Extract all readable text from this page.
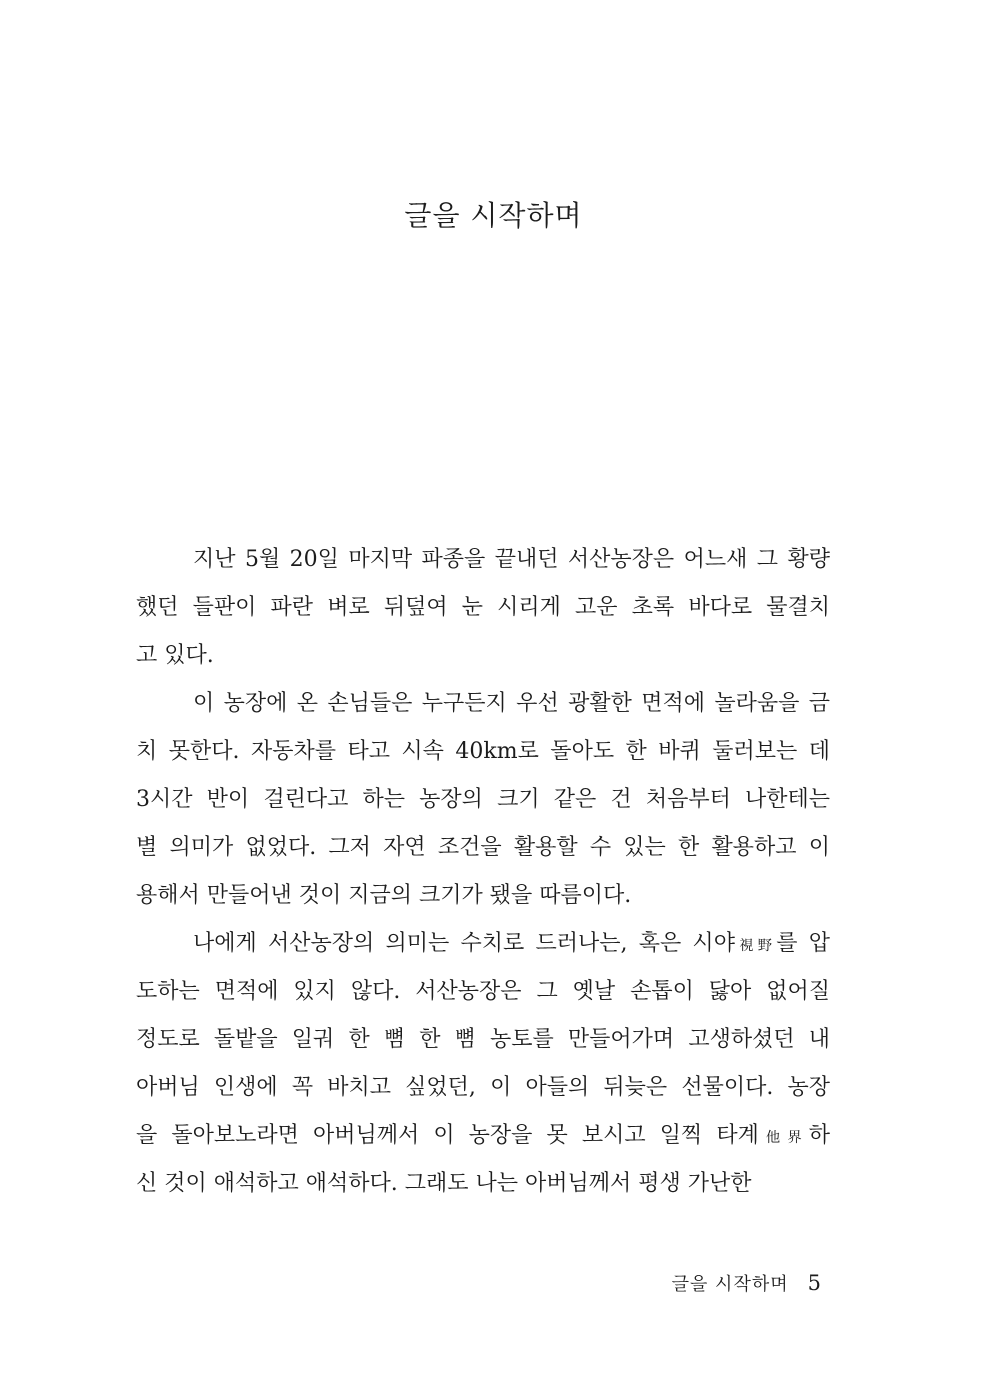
글을 시작하며
지난 5월 20일 마지막 파종을 끝내던 서산농장은 어느새 그 황량
했던 들판이 파란 벼로 뒤덮여 눈 시리게 고운 초록 바다로 물결치
고 있다.
이 농장에 온 손님들은 누구든지 우선 광활한 면적에 놀라움을 금
치 못한다. 자동차를 타고 시속 40km로 돌아도 한 바퀴 둘러보는 데
3시간 반이 걸린다고 하는 농장의 크기 같은 건 처음부터 나한테는
별 의미가 없었다. 그저 자연 조건을 활용할 수 있는 한 활용하고 이
용해서 만들어낸 것이 지금의 크기가 됐을 따름이다.
나에게 서산농장의 의미는 수치로 드러나는, 혹은 시야視野를 압
도하는 면적에 있지 않다. 서산농장은 그 옛날 손톱이 닳아 없어질
정도로 돌밭을 일궈 한 뼘 한 뼘 농토를 만들어가며 고생하셨던 내
아버님 인생에 꼭 바치고 싶었던, 이 아들의 뒤늦은 선물이다. 농장
을 돌아보노라면 아버님께서 이 농장을 못 보시고 일찍 타계他界하
신 것이 애석하고 애석하다. 그래도 나는 아버님께서 평생 가난한
글을 시작하며 5
